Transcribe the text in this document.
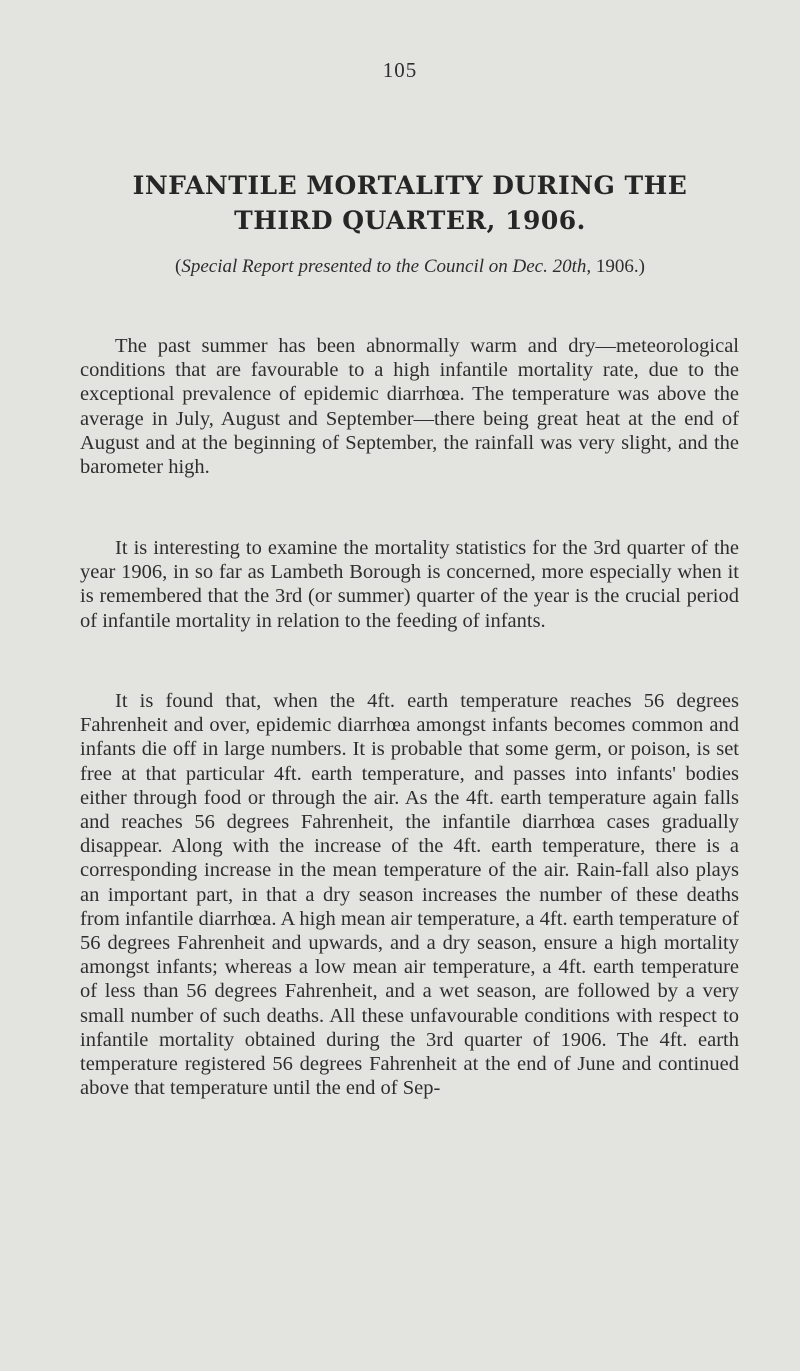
105
INFANTILE MORTALITY DURING THE
THIRD QUARTER, 1906.
(Special Report presented to the Council on Dec. 20th, 1906.)

The past summer has been abnormally warm and dry—meteorological conditions that are favourable to a high infantile mortality rate, due to the exceptional prevalence of epidemic diarrhœa. The temperature was above the average in July, August and September—there being great heat at the end of August and at the beginning of September, the rainfall was very slight, and the barometer high.

It is interesting to examine the mortality statistics for the 3rd quarter of the year 1906, in so far as Lambeth Borough is concerned, more especially when it is remembered that the 3rd (or summer) quarter of the year is the crucial period of infantile mortality in relation to the feeding of infants.

It is found that, when the 4ft. earth temperature reaches 56 degrees Fahrenheit and over, epidemic diarrhœa amongst infants becomes common and infants die off in large numbers. It is probable that some germ, or poison, is set free at that particular 4ft. earth temperature, and passes into infants' bodies either through food or through the air. As the 4ft. earth temperature again falls and reaches 56 degrees Fahrenheit, the infantile diarrhœa cases gradually disappear. Along with the increase of the 4ft. earth temperature, there is a corresponding increase in the mean temperature of the air. Rain-fall also plays an important part, in that a dry season increases the number of these deaths from infantile diarrhœa. A high mean air temperature, a 4ft. earth temperature of 56 degrees Fahrenheit and upwards, and a dry season, ensure a high mortality amongst infants; whereas a low mean air temperature, a 4ft. earth temperature of less than 56 degrees Fahrenheit, and a wet season, are followed by a very small number of such deaths. All these unfavourable conditions with respect to infantile mortality obtained during the 3rd quarter of 1906. The 4ft. earth temperature registered 56 degrees Fahrenheit at the end of June and continued above that temperature until the end of Sep-
